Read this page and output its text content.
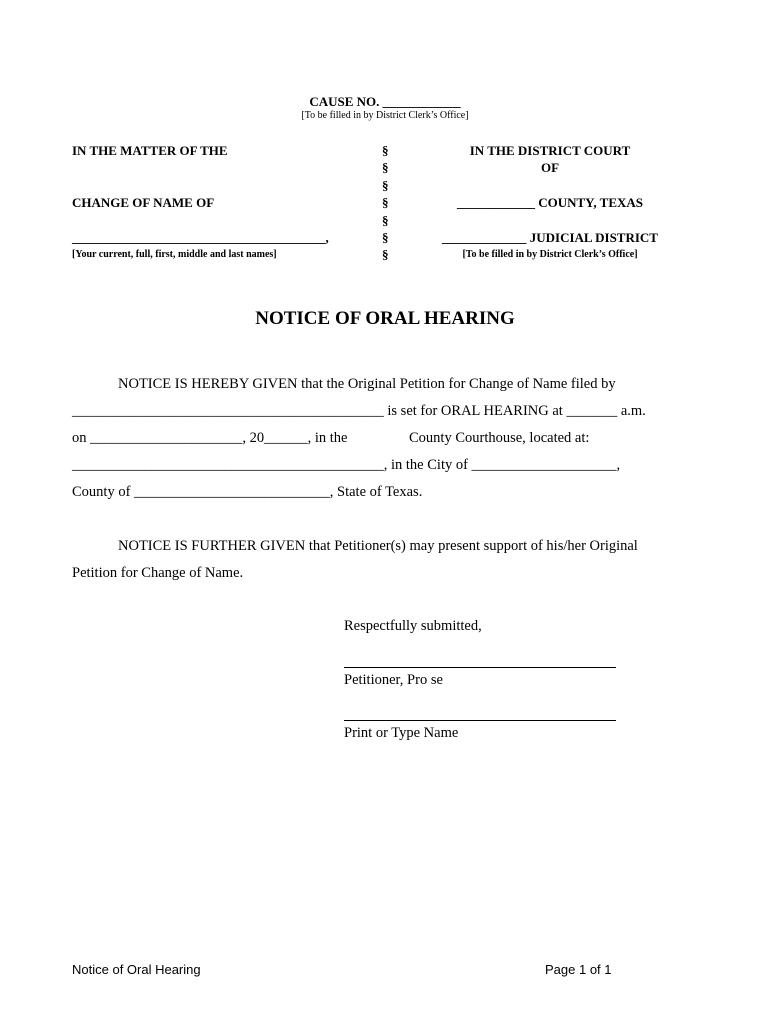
CAUSE NO. ____________
[To be filled in by District Clerk’s Office]
IN THE MATTER OF THE
CHANGE OF NAME OF
_______________________________________,
[Your current, full, first, middle and last names]
§
§
§
§
§
§
§
IN THE DISTRICT COURT
OF
____________ COUNTY, TEXAS
_____________ JUDICIAL DISTRICT
[To be filled in by District Clerk’s Office]
NOTICE OF ORAL HEARING
NOTICE IS HEREBY GIVEN that the Original Petition for Change of Name filed by
___________________________________________ is set for ORAL HEARING at _______ a.m.
on _____________________, 20______, in the	County Courthouse, located at:
___________________________________________, in the City of ____________________,
County of ___________________________, State of Texas.
NOTICE IS FURTHER GIVEN that Petitioner(s) may present support of his/her Original
Petition for Change of Name.
Respectfully submitted,
Petitioner, Pro se
Print or Type Name
Notice of Oral Hearing	Page 1 of 1
